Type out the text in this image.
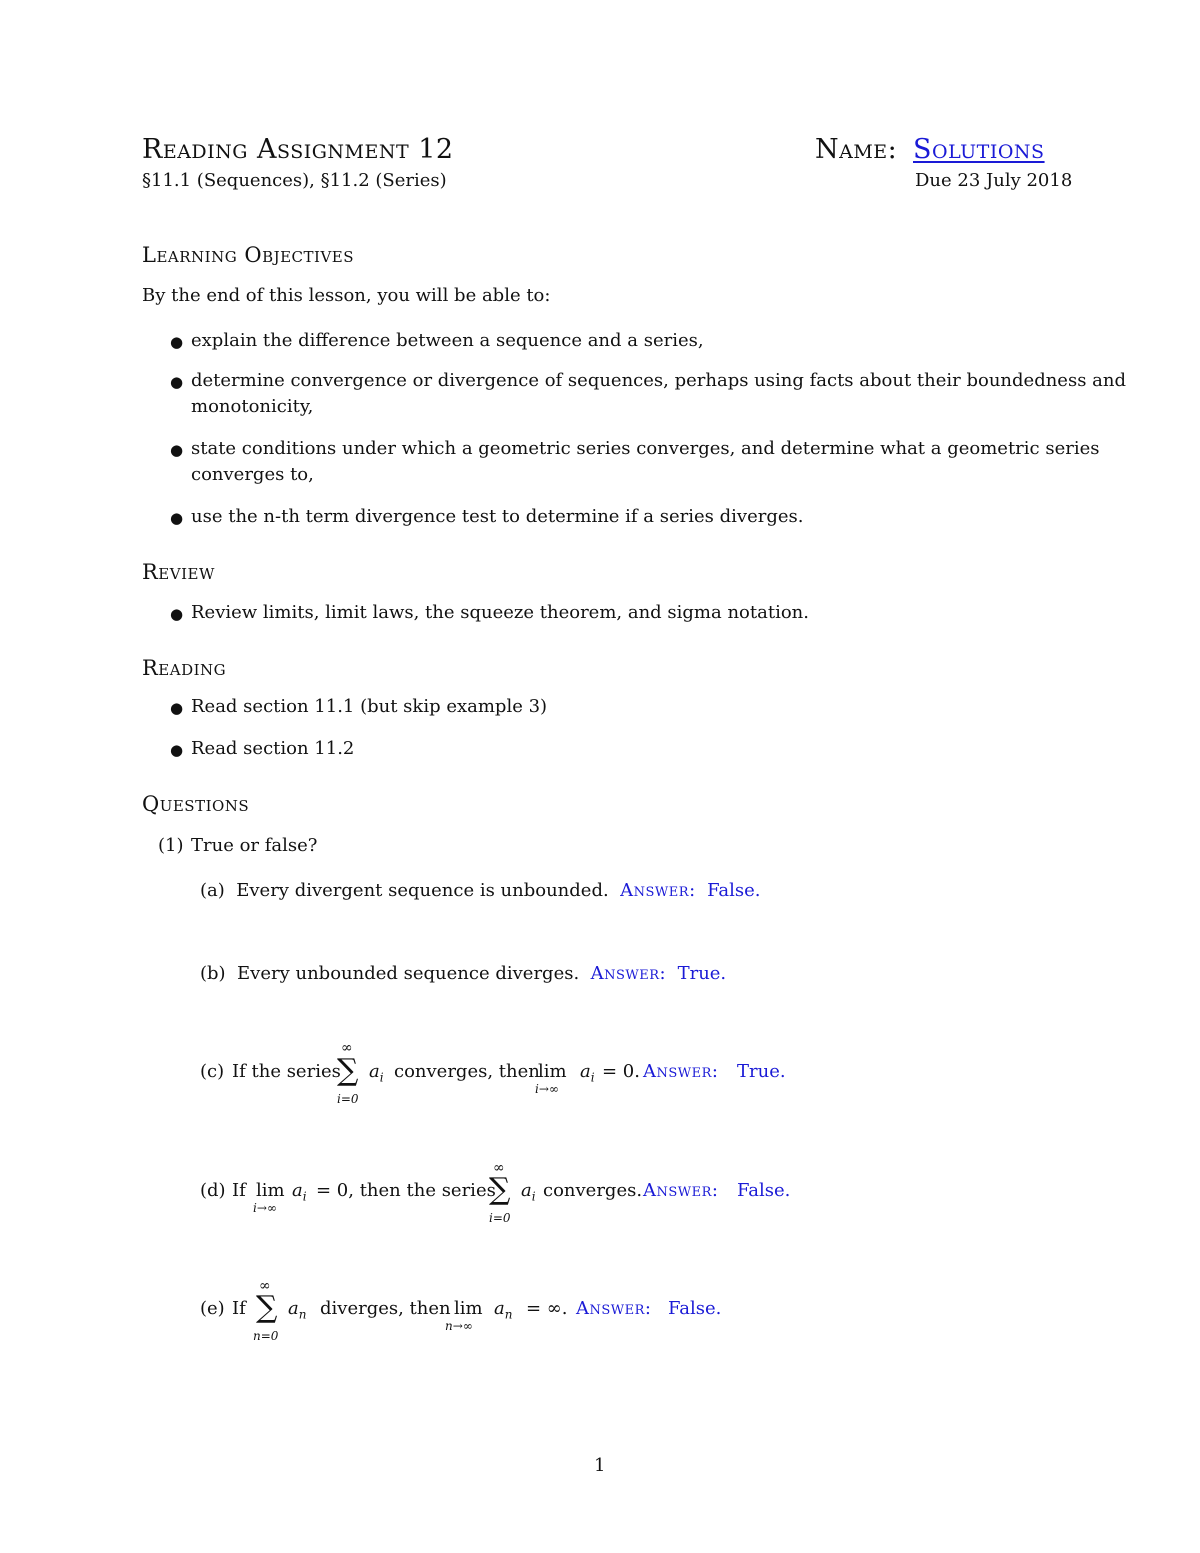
Reading Assignment 12	Name: Solutions
§11.1 (Sequences), §11.2 (Series)	Due 23 July 2018
Learning Objectives
By the end of this lesson, you will be able to:
● explain the difference between a sequence and a series,
● determine convergence or divergence of sequences, perhaps using facts about their boundedness and
monotonicity,
● state conditions under which a geometric series converges, and determine what a geometric series
converges to,
● use the n-th term divergence test to determine if a series diverges.
Review
● Review limits, limit laws, the squeeze theorem, and sigma notation.
Reading
● Read section 11.1 (but skip example 3)
● Read section 11.2
Questions
(1) True or false?
(a) Every divergent sequence is unbounded. Answer: False.
(b) Every unbounded sequence diverges. Answer: True.
(c) If the series
∞
∑
i=0
$a_i$ converges, then
lim
i→∞
$a_i = 0$. Answer: True.
(d) If lim
i→∞
$a_i = 0$, then the series
∞
∑
i=0
$a_i$ converges. Answer: False.
(e) If
∞
∑
n=0
$a_n$ diverges, then lim
n→∞
$a_n$ = ∞. Answer: False.
1
